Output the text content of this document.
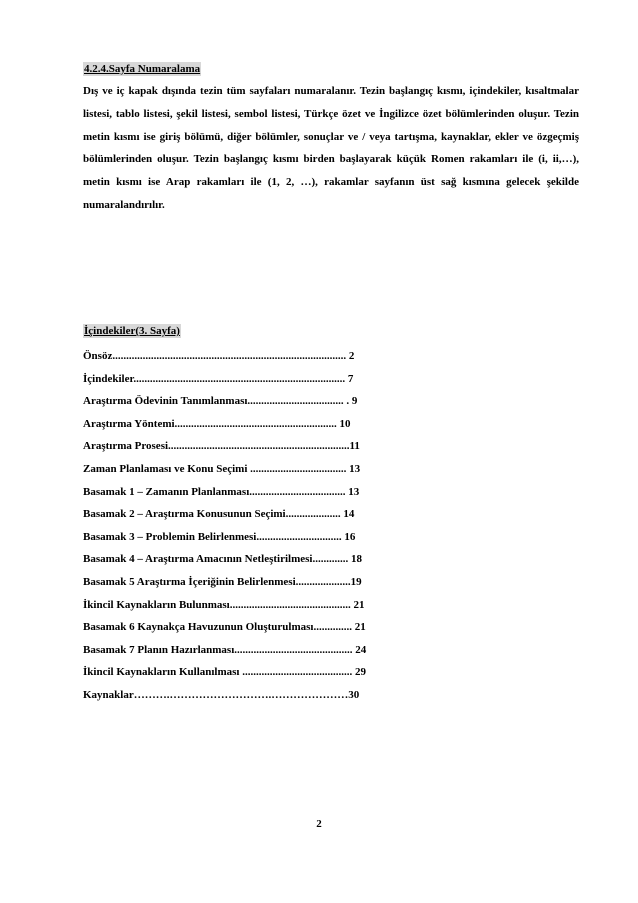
4.2.4.Sayfa Numaralama

Dış ve iç kapak dışında tezin tüm sayfaları numaralanır. Tezin başlangıç kısmı, içindekiler, kısaltmalar listesi, tablo listesi, şekil listesi, sembol listesi, Türkçe özet ve İngilizce özet bölümlerinden oluşur. Tezin metin kısmı ise giriş bölümü, diğer bölümler, sonuçlar ve / veya tartışma, kaynaklar, ekler ve özgeçmiş bölümlerinden oluşur. Tezin başlangıç kısmı birden başlayarak küçük Romen rakamları ile (i, ii,…), metin kısmı ise Arap rakamları ile (1, 2, …), rakamlar sayfanın üst sağ kısmına gelecek şekilde numaralandırılır.

İçindekiler(3. Sayfa)
Önsöz..................................................................................... 2
İçindekiler............................................................................. 7
Araştırma Ödevinin Tanımlanması................................... . 9
Araştırma Yöntemi........................................................... 10
Araştırma Prosesi..................................................................11
Zaman Planlaması ve Konu Seçimi ................................... 13
Basamak 1 – Zamanın Planlanması................................... 13
Basamak 2 – Araştırma Konusunun Seçimi.................... 14
Basamak 3 – Problemin Belirlenmesi............................... 16
Basamak 4 – Araştırma Amacının Netleştirilmesi............. 18
Basamak 5 Araştırma İçeriğinin Belirlenmesi....................19
İkincil Kaynakların Bulunması............................................ 21
Basamak 6 Kaynakça Havuzunun Oluşturulması.............. 21
Basamak 7 Planın Hazırlanması........................................... 24
İkincil Kaynakların Kullanılması ........................................ 29
Kaynaklar……….……………………….…………………30
2
